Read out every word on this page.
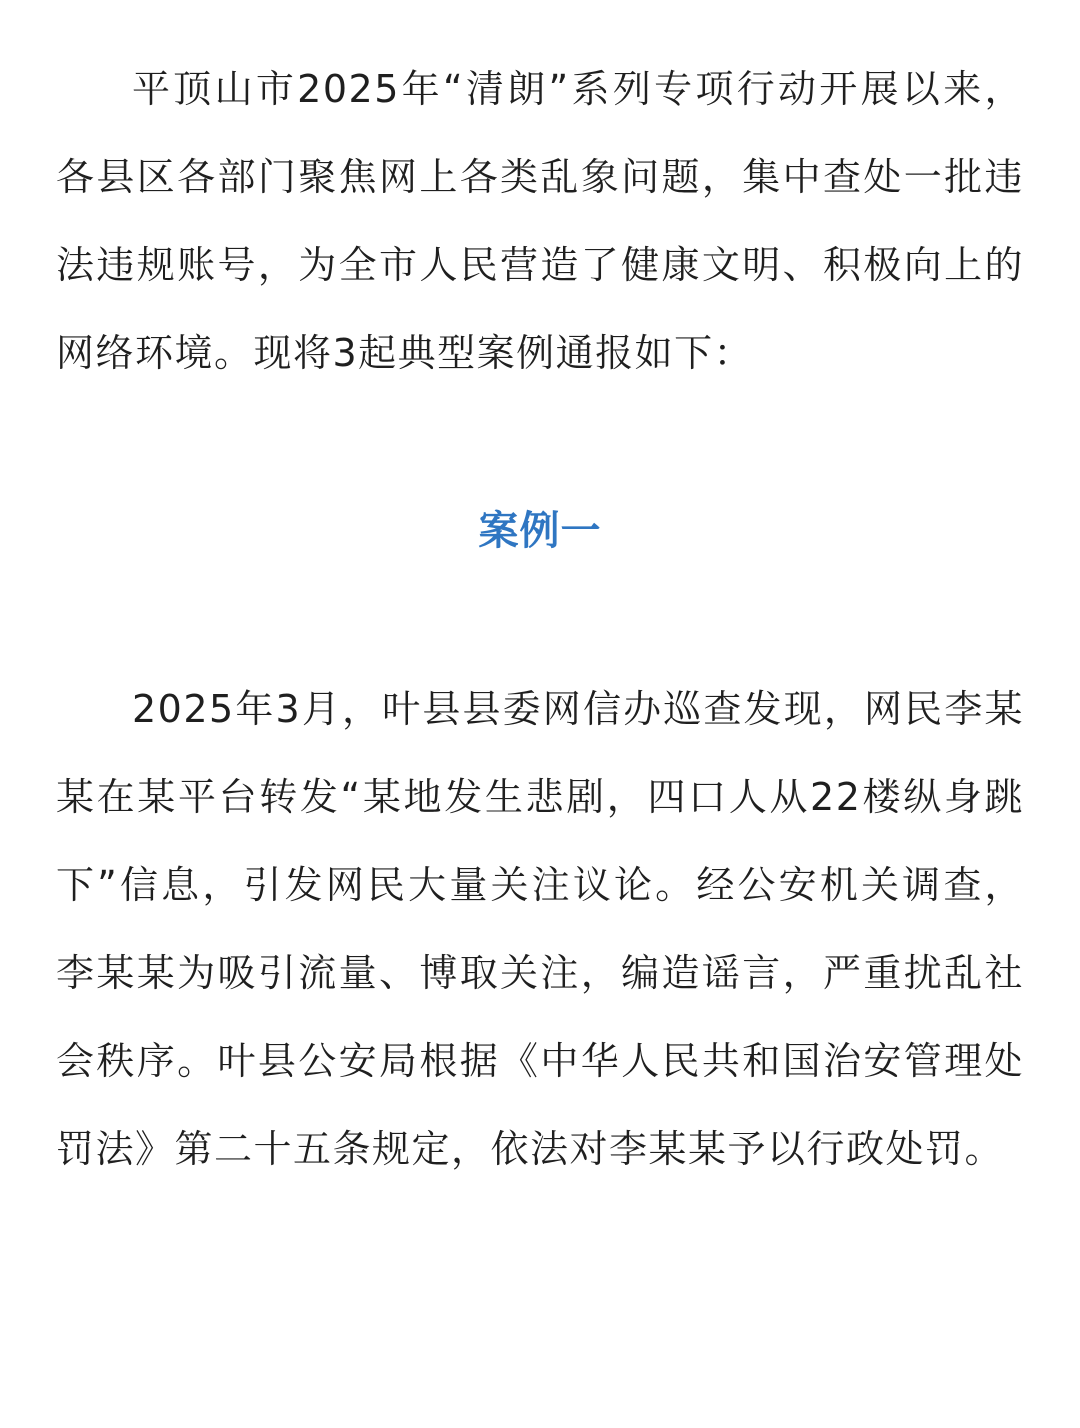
平顶山市2025年“清朗”系列专项行动开展以来，各县区各部门聚焦网上各类乱象问题，集中查处一批违法违规账号，为全市人民营造了健康文明、积极向上的网络环境。现将3起典型案例通报如下：

案例一

2025年3月，叶县县委网信办巡查发现，网民李某某在某平台转发“某地发生悲剧，四口人从22楼纵身跳下”信息，引发网民大量关注议论。经公安机关调查，李某某为吸引流量、博取关注，编造谣言，严重扰乱社会秩序。叶县公安局根据《中华人民共和国治安管理处罚法》第二十五条规定，依法对李某某予以行政处罚。
